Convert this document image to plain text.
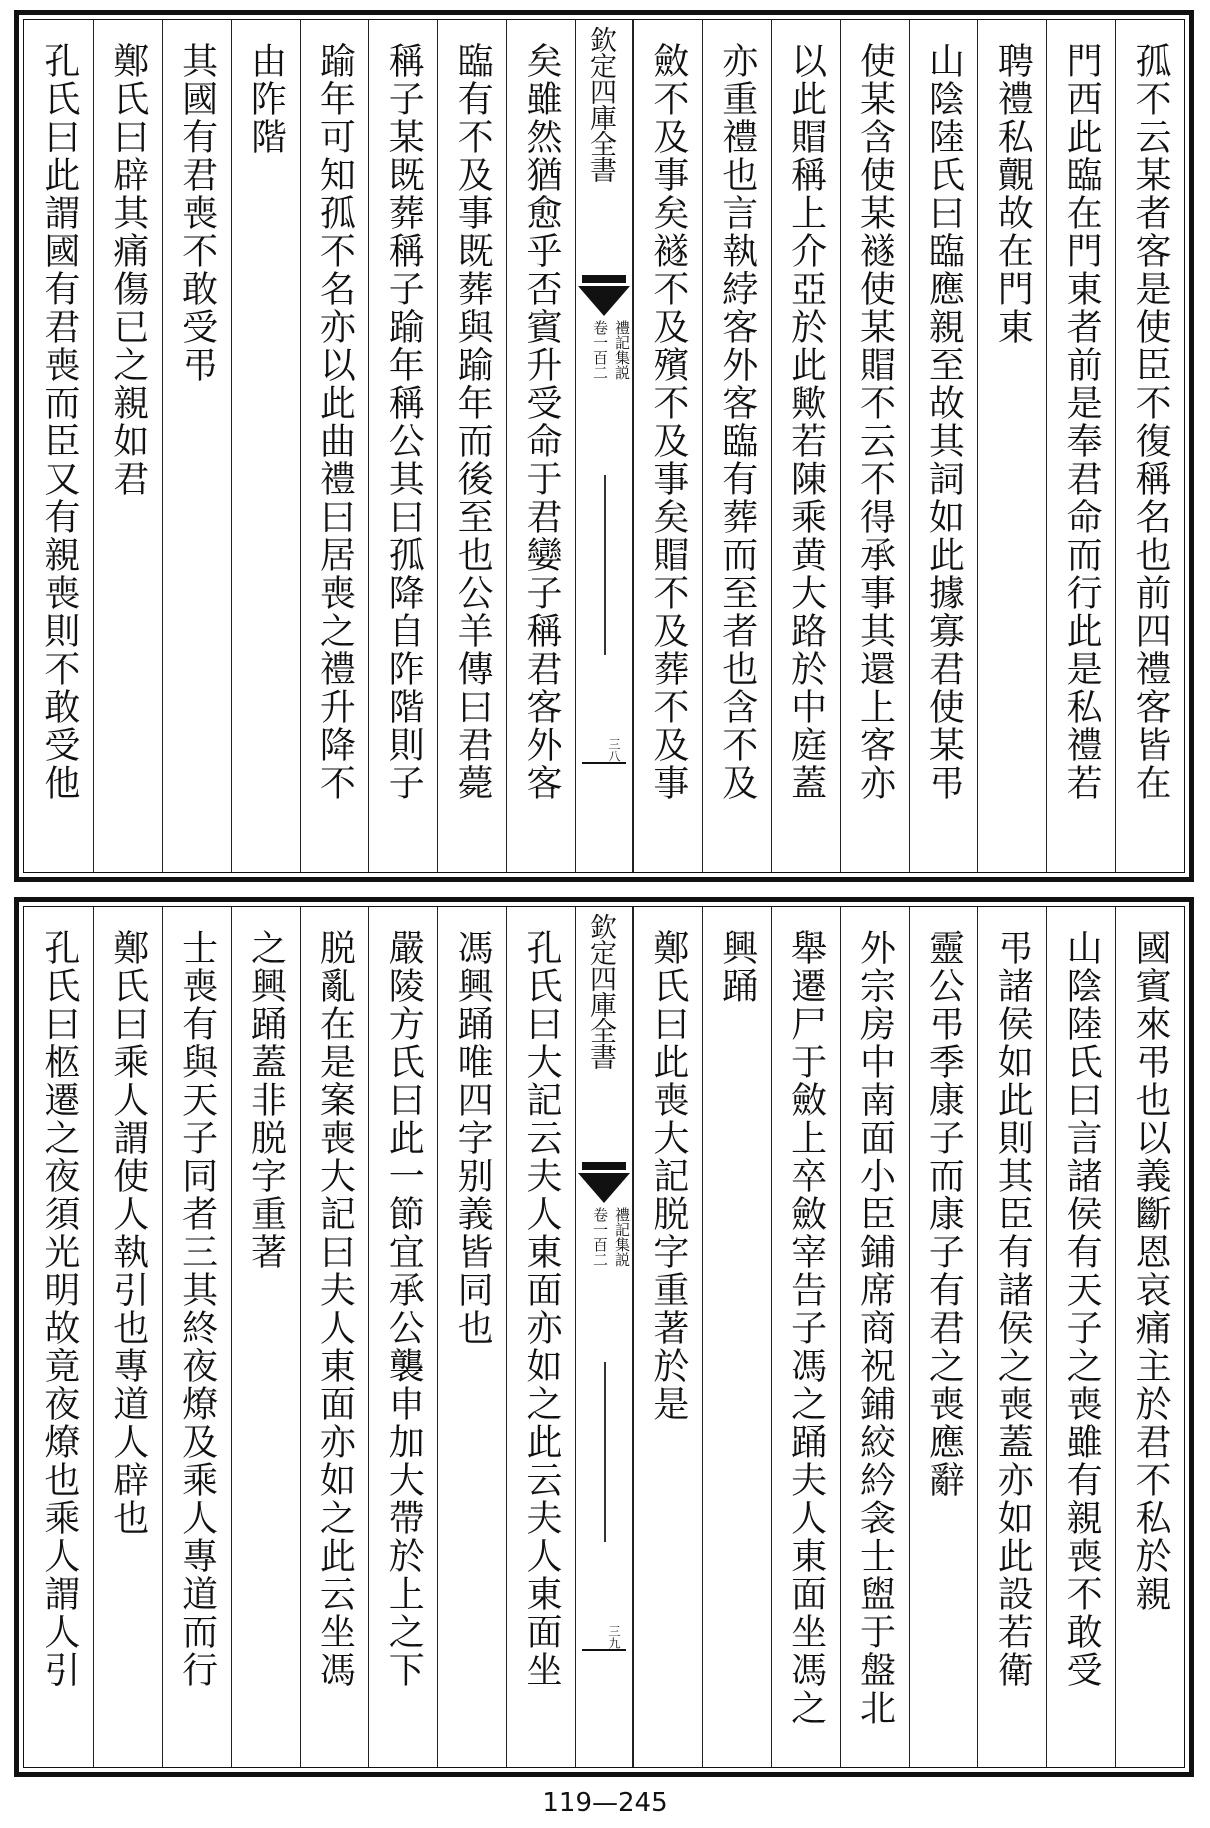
孤不云某者客是使臣不復稱名也前四禮客皆在
門西此臨在門東者前是奉君命而行此是私禮若
聘禮私覿故在門東
山陰陸氏曰臨應親至故其詞如此據寡君使某弔
使某含使某襚使某賵不云不得承事其還上客亦
以此賵稱上介亞於此歟若陳乘黄大路於中庭蓋
亦重禮也言執綍客外客臨有葬而至者也含不及
斂不及事矣襚不及殯不及事矣賵不及葬不及事
矣雖然猶愈乎否賓升受命于君孌子稱君客外客
臨有不及事既葬與踰年而後至也公羊傳曰君薨
稱子某既葬稱子踰年稱公其曰孤降自阼階則子
踰年可知孤不名亦以此曲禮曰居喪之禮升降不
由阼階
其國有君喪不敢受弔
鄭氏曰辟其痛傷已之親如君
孔氏曰此謂國有君喪而臣又有親喪則不敢受他	欽定四庫全書
禮記集説
卷一百二
三八
國賓來弔也以義斷恩哀痛主於君不私於親
山陰陸氏曰言諸侯有天子之喪雖有親喪不敢受
弔諸侯如此則其臣有諸侯之喪蓋亦如此設若衛
靈公弔季康子而康子有君之喪應辭
外宗房中南面小臣鋪席商祝鋪絞紟衾士盥于盤北
舉遷尸于斂上卒斂宰告子馮之踊夫人東面坐馮之
興踊
鄭氏曰此喪大記脱字重著於是
孔氏曰大記云夫人東面亦如之此云夫人東面坐
馮興踊唯四字别義皆同也
嚴陵方氏曰此一節宜承公襲申加大帶於上之下
脱亂在是案喪大記曰夫人東面亦如之此云坐馮
之興踊蓋非脱字重著
士喪有與天子同者三其終夜燎及乘人專道而行
鄭氏曰乘人謂使人執引也專道人辟也
孔氏曰柩遷之夜須光明故竟夜燎也乘人謂人引	欽定四庫全書
禮記集説
卷一百二
三九
119—245
